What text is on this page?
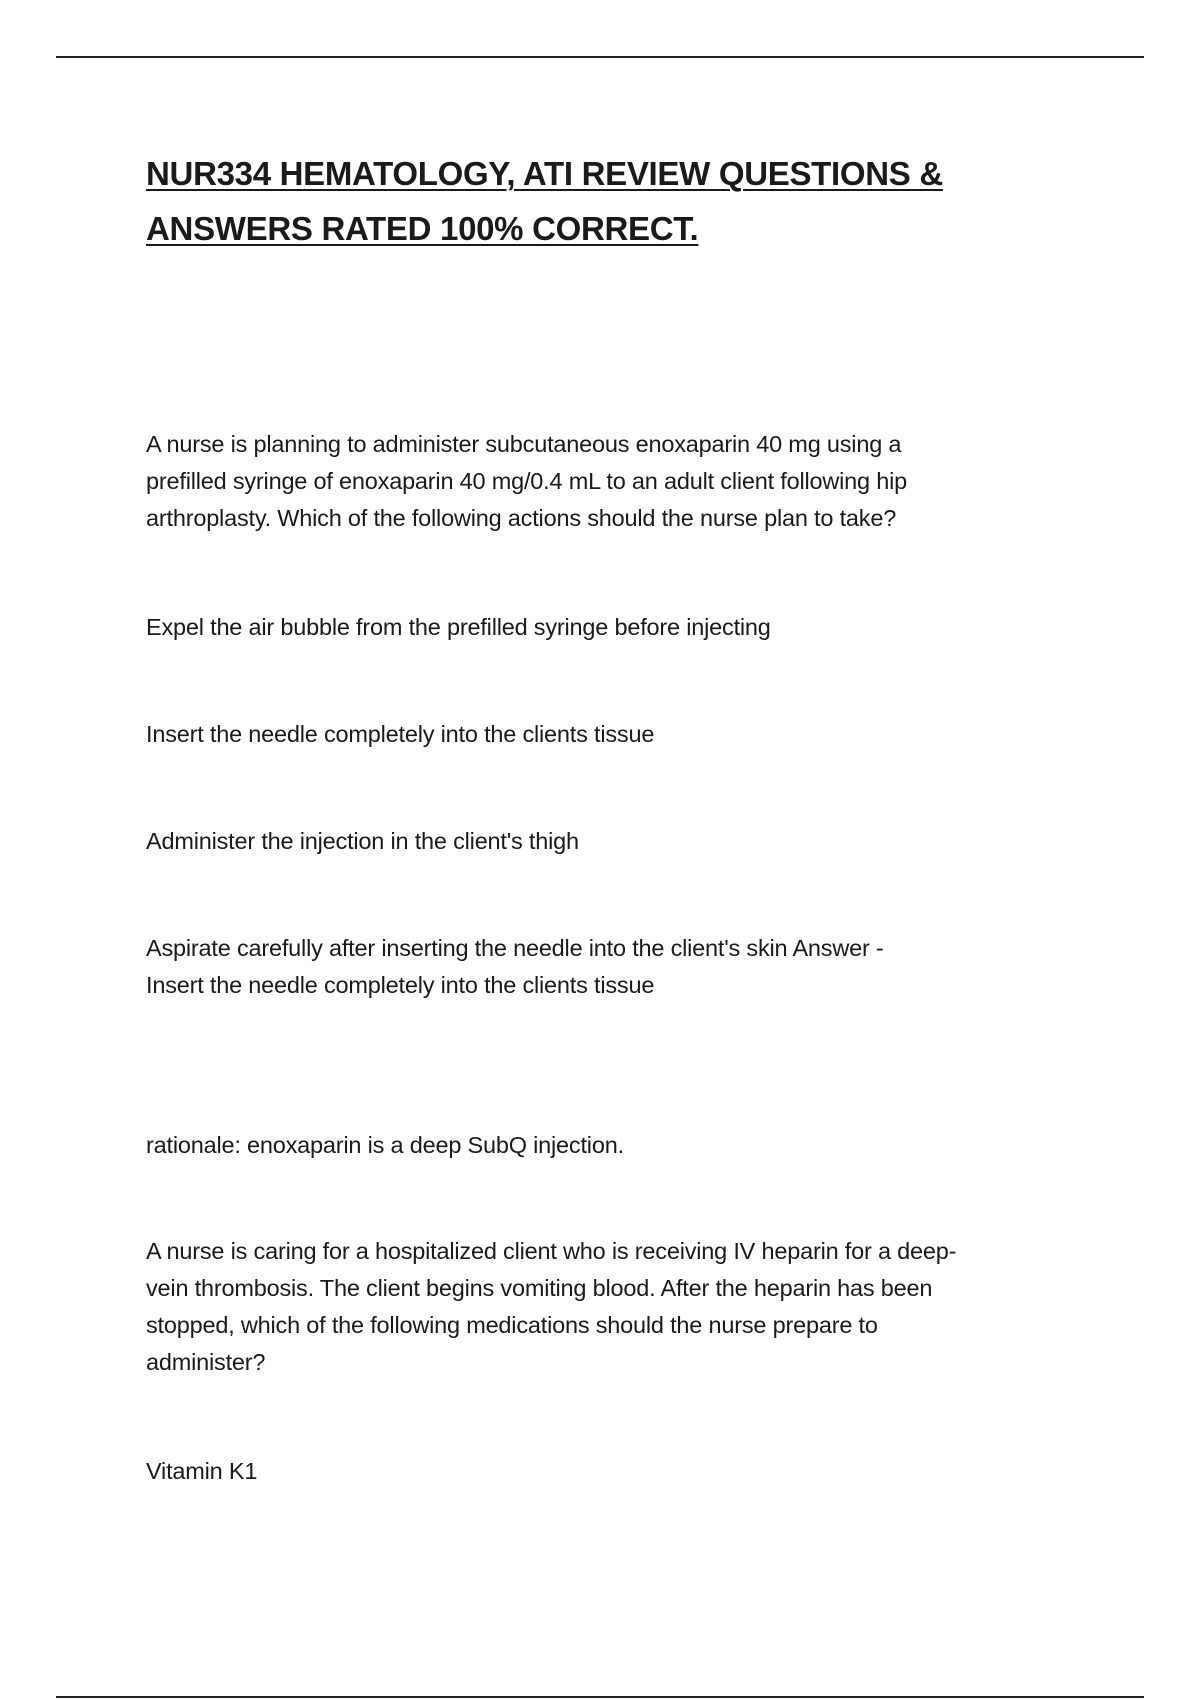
NUR334 HEMATOLOGY, ATI REVIEW QUESTIONS &
ANSWERS RATED 100% CORRECT.

A nurse is planning to administer subcutaneous enoxaparin 40 mg using a
prefilled syringe of enoxaparin 40 mg/0.4 mL to an adult client following hip
arthroplasty. Which of the following actions should the nurse plan to take?

Expel the air bubble from the prefilled syringe before injecting

Insert the needle completely into the clients tissue

Administer the injection in the client's thigh

Aspirate carefully after inserting the needle into the client's skin Answer -
Insert the needle completely into the clients tissue

rationale: enoxaparin is a deep SubQ injection.

A nurse is caring for a hospitalized client who is receiving IV heparin for a deep-
vein thrombosis. The client begins vomiting blood. After the heparin has been
stopped, which of the following medications should the nurse prepare to
administer?

Vitamin K1
